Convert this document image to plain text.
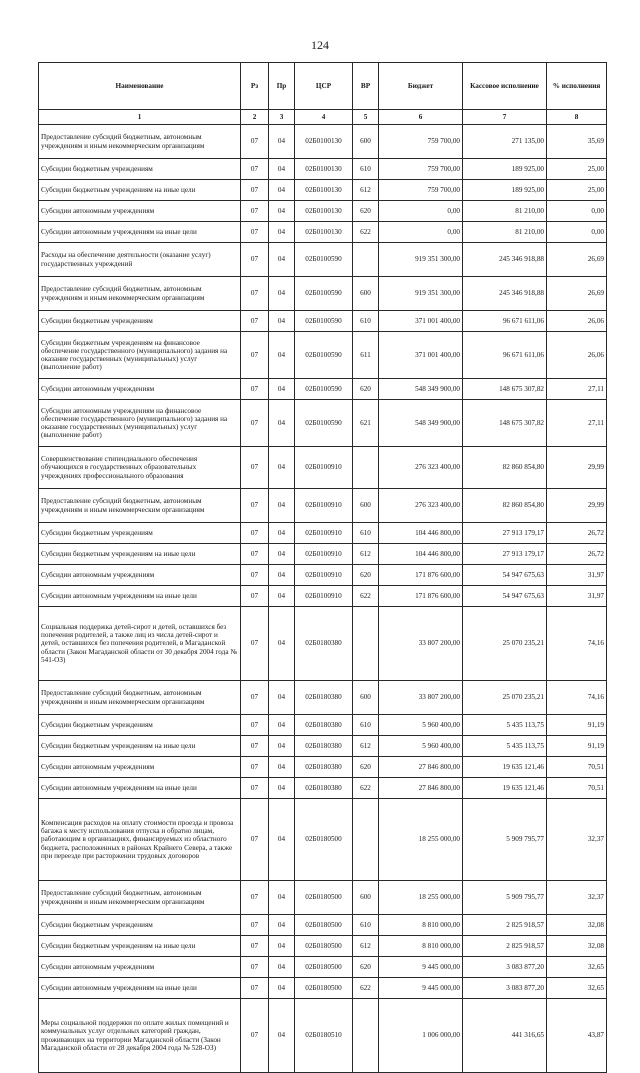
124
Наименование	Рз	Пр	ЦСР	ВР	Бюджет	Кассовое исполнение	% исполнения
1	2	3	4	5	6	7	8
Предоставление субсидий бюджетным, автономным учреждениям и иным некоммерческим организациям	07	04	02Б0100130	600	759 700,00	271 135,00	35,69
Субсидии бюджетным учреждениям	07	04	02Б0100130	610	759 700,00	189 925,00	25,00
Субсидии бюджетным учреждениям на иные цели	07	04	02Б0100130	612	759 700,00	189 925,00	25,00
Субсидии автономным учреждениям	07	04	02Б0100130	620	0,00	81 210,00	0,00
Субсидии автономным учреждениям на иные цели	07	04	02Б0100130	622	0,00	81 210,00	0,00
Расходы на обеспечение деятельности (оказание услуг) государственных учреждений	07	04	02Б0100590		919 351 300,00	245 346 918,88	26,69
Предоставление субсидий бюджетным, автономным учреждениям и иным некоммерческим организациям	07	04	02Б0100590	600	919 351 300,00	245 346 918,88	26,69
Субсидии бюджетным учреждениям	07	04	02Б0100590	610	371 001 400,00	96 671 611,06	26,06
Субсидии бюджетным учреждениям на финансовое обеспечение государственного (муниципального) задания на оказание государственных (муниципальных) услуг (выполнение работ)	07	04	02Б0100590	611	371 001 400,00	96 671 611,06	26,06
Субсидии автономным учреждениям	07	04	02Б0100590	620	548 349 900,00	148 675 307,82	27,11
Субсидии автономным учреждениям на финансовое обеспечение государственного (муниципального) задания на оказание государственных (муниципальных) услуг (выполнение работ)	07	04	02Б0100590	621	548 349 900,00	148 675 307,82	27,11
Совершенствование стипендиального обеспечения обучающихся в государственных образовательных учреждениях профессионального образования	07	04	02Б0100910		276 323 400,00	82 860 854,80	29,99
Предоставление субсидий бюджетным, автономным учреждениям и иным некоммерческим организациям	07	04	02Б0100910	600	276 323 400,00	82 860 854,80	29,99
Субсидии бюджетным учреждениям	07	04	02Б0100910	610	104 446 800,00	27 913 179,17	26,72
Субсидии бюджетным учреждениям на иные цели	07	04	02Б0100910	612	104 446 800,00	27 913 179,17	26,72
Субсидии автономным учреждениям	07	04	02Б0100910	620	171 876 600,00	54 947 675,63	31,97
Субсидии автономным учреждениям на иные цели	07	04	02Б0100910	622	171 876 600,00	54 947 675,63	31,97
Социальная поддержка детей-сирот и детей, оставшихся без попечения родителей, а также лиц из числа детей-сирот и детей, оставшихся без попечения родителей, в Магаданской области (Закон Магаданской области от 30 декабря 2004 года № 541-ОЗ)	07	04	02Б0180380		33 807 200,00	25 070 235,21	74,16
Предоставление субсидий бюджетным, автономным учреждениям и иным некоммерческим организациям	07	04	02Б0180380	600	33 807 200,00	25 070 235,21	74,16
Субсидии бюджетным учреждениям	07	04	02Б0180380	610	5 960 400,00	5 435 113,75	91,19
Субсидии бюджетным учреждениям на иные цели	07	04	02Б0180380	612	5 960 400,00	5 435 113,75	91,19
Субсидии автономным учреждениям	07	04	02Б0180380	620	27 846 800,00	19 635 121,46	70,51
Субсидии автономным учреждениям на иные цели	07	04	02Б0180380	622	27 846 800,00	19 635 121,46	70,51
Компенсация расходов на оплату стоимости проезда и провоза багажа к месту использования отпуска и обратно лицам, работающим в организациях, финансируемых из областного бюджета, расположенных в районах Крайнего Севера, а также при переезде при расторжении трудовых договоров	07	04	02Б0180500		18 255 000,00	5 909 795,77	32,37
Предоставление субсидий бюджетным, автономным учреждениям и иным некоммерческим организациям	07	04	02Б0180500	600	18 255 000,00	5 909 795,77	32,37
Субсидии бюджетным учреждениям	07	04	02Б0180500	610	8 810 000,00	2 825 918,57	32,08
Субсидии бюджетным учреждениям на иные цели	07	04	02Б0180500	612	8 810 000,00	2 825 918,57	32,08
Субсидии автономным учреждениям	07	04	02Б0180500	620	9 445 000,00	3 083 877,20	32,65
Субсидии автономным учреждениям на иные цели	07	04	02Б0180500	622	9 445 000,00	3 083 877,20	32,65
Меры социальной поддержки по оплате жилых помещений и коммунальных услуг отдельных категорий граждан, проживающих на территории Магаданской области (Закон Магаданской области от 28 декабря 2004 года № 528-ОЗ)	07	04	02Б0180510		1 006 000,00	441 316,65	43,87
